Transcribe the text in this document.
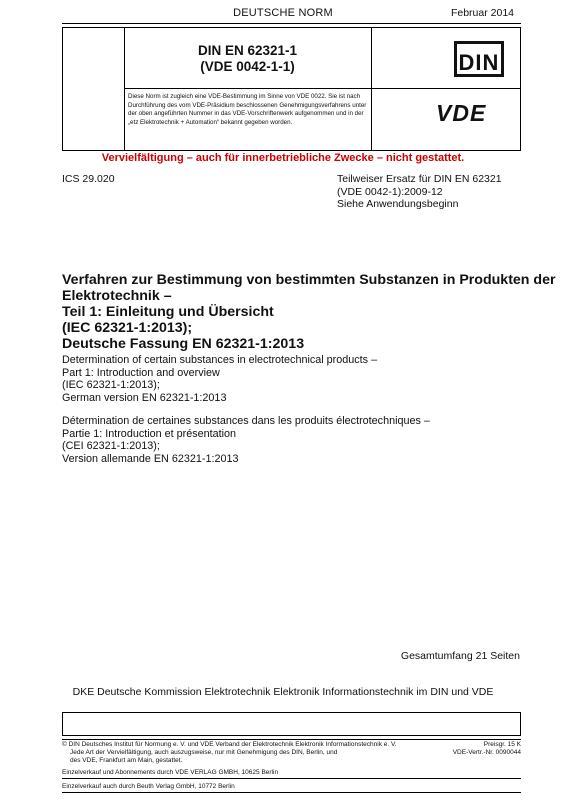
DEUTSCHE NORM	Februar 2014
DIN EN 62321-1
(VDE 0042-1-1)	DIN
Diese Norm ist zugleich eine VDE-Bestimmung im Sinne von VDE 0022. Sie ist nach
Durchführung des vom VDE-Präsidium beschlossenen Genehmigungsverfahrens unter
der oben angeführten Nummer in das VDE-Vorschriftenwerk aufgenommen und in der
„etz Elektrotechnik + Automation“ bekannt gegeben worden.	VDE
Vervielfältigung – auch für innerbetriebliche Zwecke – nicht gestattet.
ICS 29.020	Teilweiser Ersatz für DIN EN 62321
(VDE 0042-1):2009-12
Siehe Anwendungsbeginn
Verfahren zur Bestimmung von bestimmten Substanzen in Produkten der
Elektrotechnik –
Teil 1: Einleitung und Übersicht
(IEC 62321-1:2013);
Deutsche Fassung EN 62321-1:2013
Determination of certain substances in electrotechnical products –
Part 1: Introduction and overview
(IEC 62321-1:2013);
German version EN 62321-1:2013
Détermination de certaines substances dans les produits électrotechniques –
Partie 1: Introduction et présentation
(CEI 62321-1:2013);
Version allemande EN 62321-1:2013
Gesamtumfang 21 Seiten
DKE Deutsche Kommission Elektrotechnik Elektronik Informationstechnik im DIN und VDE
© DIN Deutsches Institut für Normung e. V. und VDE Verband der Elektrotechnik Elektronik Informationstechnik e. V.
Jede Art der Vervielfältigung, auch auszugsweise, nur mit Genehmigung des DIN, Berlin, und
des VDE, Frankfurt am Main, gestattet.
Preisgr. 15 K
VDE-Vertr.-Nr. 0090044
Einzelverkauf und Abonnements durch VDE VERLAG GMBH, 10625 Berlin
Einzelverkauf auch durch Beuth Verlag GmbH, 10772 Berlin
